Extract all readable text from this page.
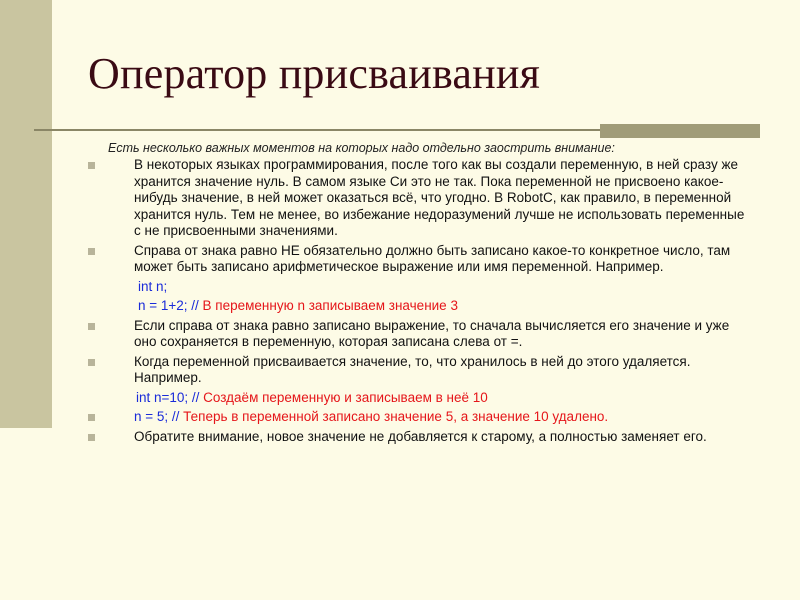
Оператор присваивания
Есть несколько важных моментов на которых надо отдельно заострить внимание:
В некоторых языках программирования, после того как вы создали переменную, в ней сразу же хранится значение нуль. В самом языке Си это не так. Пока переменной не присвоено какое-нибудь значение, в ней может оказаться всё, что угодно. В RobotC, как правило, в переменной хранится нуль. Тем не менее, во избежание недоразумений лучше не использовать переменные с не присвоенными значениями.
Справа от знака равно НЕ обязательно должно быть записано какое-то конкретное число, там может быть записано арифметическое выражение или имя переменной. Например.
int n;
n = 1+2; // В переменную n записываем значение 3
Если справа от знака равно записано выражение, то сначала вычисляется его значение и уже оно сохраняется в переменную, которая записана слева от =.
Когда переменной присваивается значение, то, что хранилось в ней до этого удаляется. Например.
int n=10; // Создаём переменную и записываем в неё 10
n = 5; // Теперь в переменной записано значение 5, а значение 10 удалено.
Обратите внимание, новое значение не добавляется к старому, а полностью заменяет его.
